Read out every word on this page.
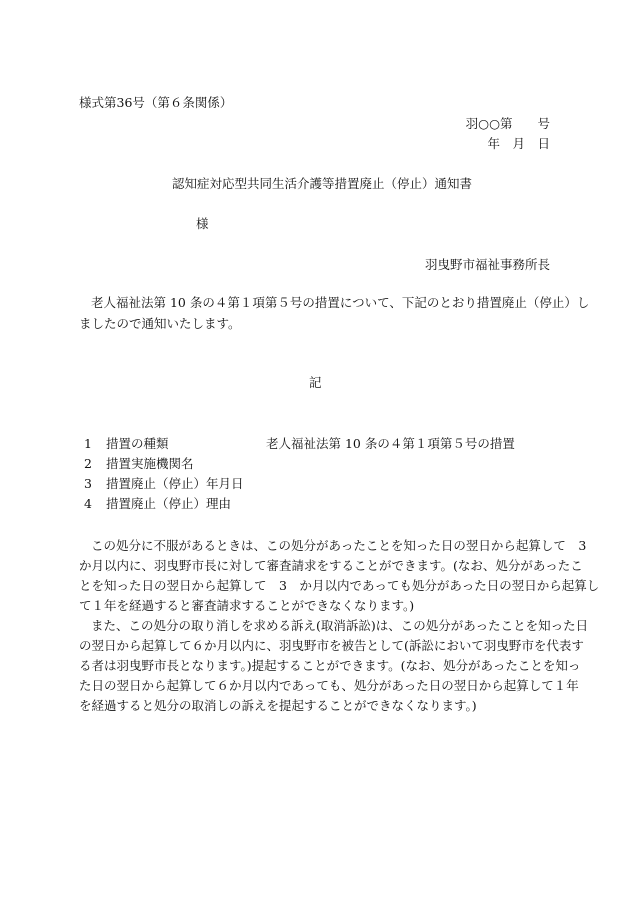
様式第36号（第６条関係）
羽○○第　　号
年　月　日
認知症対応型共同生活介護等措置廃止（停止）通知書
様
羽曳野市福祉事務所長
老人福祉法第 10 条の４第１項第５号の措置について、下記のとおり措置廃止（停止）し
ましたので通知いたします。
記
1 措置の種類	老人福祉法第 10 条の４第１項第５号の措置
2 措置実施機関名
3 措置廃止（停止）年月日
4 措置廃止（停止）理由
この処分に不服があるときは、この処分があったことを知った日の翌日から起算して　3
か月以内に、羽曳野市長に対して審査請求をすることができます。(なお、処分があったこ
とを知った日の翌日から起算して　3　か月以内であっても処分があった日の翌日から起算し
て１年を経過すると審査請求することができなくなります。)
また、この処分の取り消しを求める訴え(取消訴訟)は、この処分があったことを知った日
の翌日から起算して６か月以内に、羽曳野市を被告として(訴訟において羽曳野市を代表す
る者は羽曳野市長となります。)提起することができます。(なお、処分があったことを知っ
た日の翌日から起算して６か月以内であっても、処分があった日の翌日から起算して１年
を経過すると処分の取消しの訴えを提起することができなくなります。)
